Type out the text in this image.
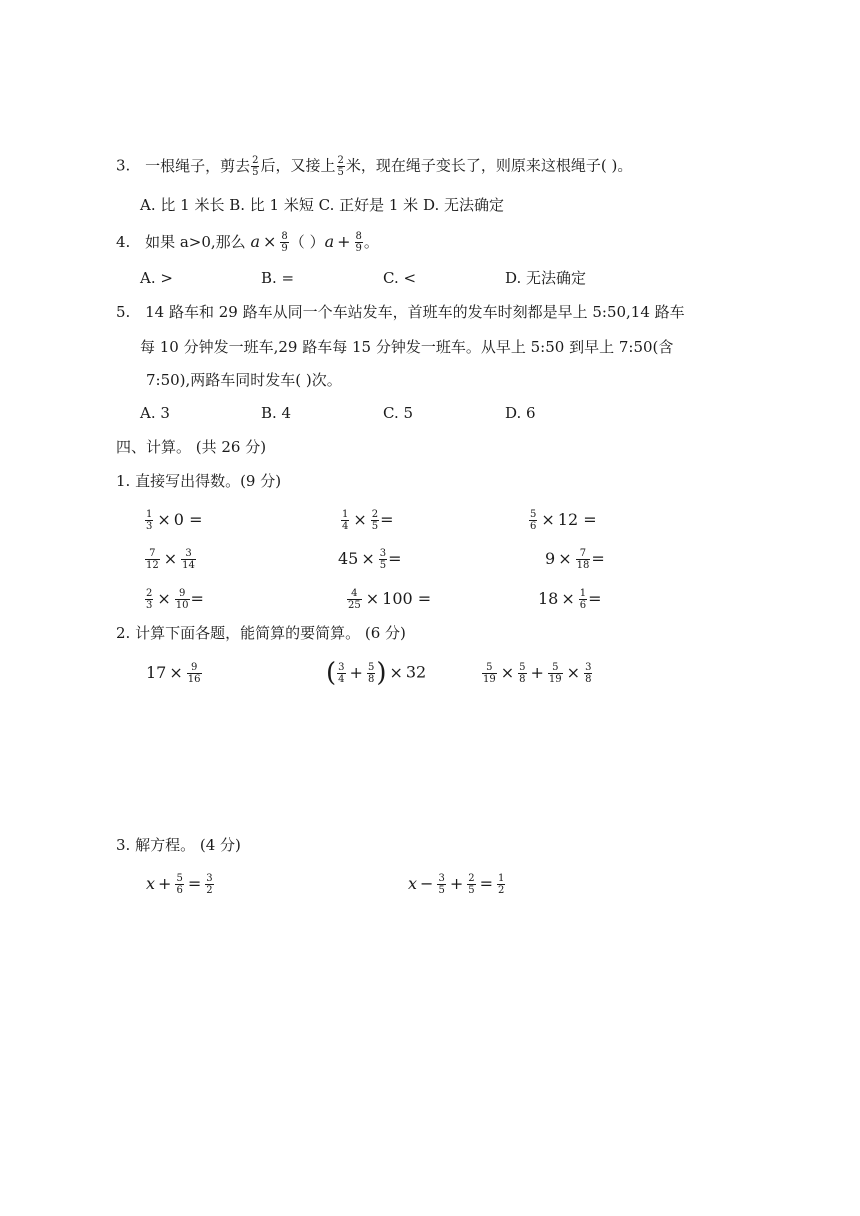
3. 一根绳子，剪去 $\frac{2}{5}$ 后，又接上 $\frac{2}{5}$ 米，现在绳子变长了，则原来这根绳子( )。
A. 比 1 米长 B. 比 1 米短 C. 正好是 1 米 D. 无法确定
4. 如果 a>0,那么 $a \times \frac{8}{9}$ （ ）$a + \frac{8}{9}$ 。
A. >	B. =	C. <	D. 无法确定
5. 14 路车和 29 路车从同一个车站发车，首班车的发车时刻都是早上 5:50,14 路车
每 10 分钟发一班车,29 路车每 15 分钟发一班车。从早上 5:50 到早上 7:50(含
7:50),两路车同时发车( )次。
A. 3	B. 4	C. 5	D. 6
四、计算。 (共 26 分)
1. 直接写出得数。(9 分)
$\frac{1}{3} \times 0$ =	$\frac{1}{4} \times \frac{2}{5}$ =	$\frac{5}{6} \times 12$ =
$\frac{7}{12} \times \frac{3}{14}$	$45 \times \frac{3}{5}$ =	$9 \times \frac{7}{18}$ =
$\frac{2}{3} \times \frac{9}{10}$ =	$\frac{4}{25} \times 100$ =	$18 \times \frac{1}{6}$ =
2. 计算下面各题，能简算的要简算。 (6 分)
$17 \times \frac{9}{16}$	( $\frac{3}{4} + \frac{5}{8}$ ) × 32	$\frac{5}{19} \times \frac{5}{8} + \frac{5}{19} \times \frac{3}{8}$
3. 解方程。 (4 分)
$x + \frac{5}{6} = \frac{3}{2}$	$x - \frac{3}{5} + \frac{2}{5} = \frac{1}{2}$
